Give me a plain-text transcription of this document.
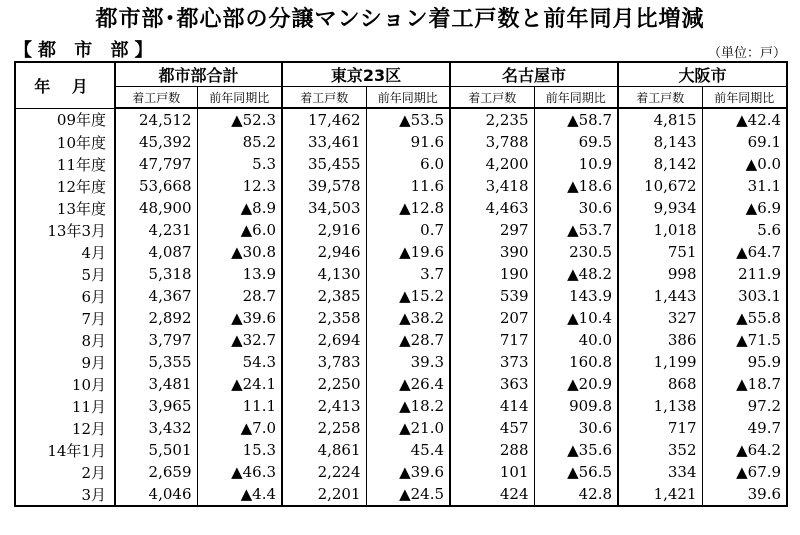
都市部･都心部の分譲マンション着工戸数と前年同月比増減
【都 市 部】	（単位：戸）
年 月	都市部合計		東京23区		名古屋市		大阪市	
	着工戸数	前年同期比	着工戸数	前年同期比	着工戸数	前年同期比	着工戸数	前年同期比
09年度	24,512	▲52.3	17,462	▲53.5	2,235	▲58.7	4,815	▲42.4
10年度	45,392	85.2	33,461	91.6	3,788	69.5	8,143	69.1
11年度	47,797	5.3	35,455	6.0	4,200	10.9	8,142	▲0.0
12年度	53,668	12.3	39,578	11.6	3,418	▲18.6	10,672	31.1
13年度	48,900	▲8.9	34,503	▲12.8	4,463	30.6	9,934	▲6.9
13年3月	4,231	▲6.0	2,916	0.7	297	▲53.7	1,018	5.6
4月	4,087	▲30.8	2,946	▲19.6	390	230.5	751	▲64.7
5月	5,318	13.9	4,130	3.7	190	▲48.2	998	211.9
6月	4,367	28.7	2,385	▲15.2	539	143.9	1,443	303.1
7月	2,892	▲39.6	2,358	▲38.2	207	▲10.4	327	▲55.8
8月	3,797	▲32.7	2,694	▲28.7	717	40.0	386	▲71.5
9月	5,355	54.3	3,783	39.3	373	160.8	1,199	95.9
10月	3,481	▲24.1	2,250	▲26.4	363	▲20.9	868	▲18.7
11月	3,965	11.1	2,413	▲18.2	414	909.8	1,138	97.2
12月	3,432	▲7.0	2,258	▲21.0	457	30.6	717	49.7
14年1月	5,501	15.3	4,861	45.4	288	▲35.6	352	▲64.2
2月	2,659	▲46.3	2,224	▲39.6	101	▲56.5	334	▲67.9
3月	4,046	▲4.4	2,201	▲24.5	424	42.8	1,421	39.6
